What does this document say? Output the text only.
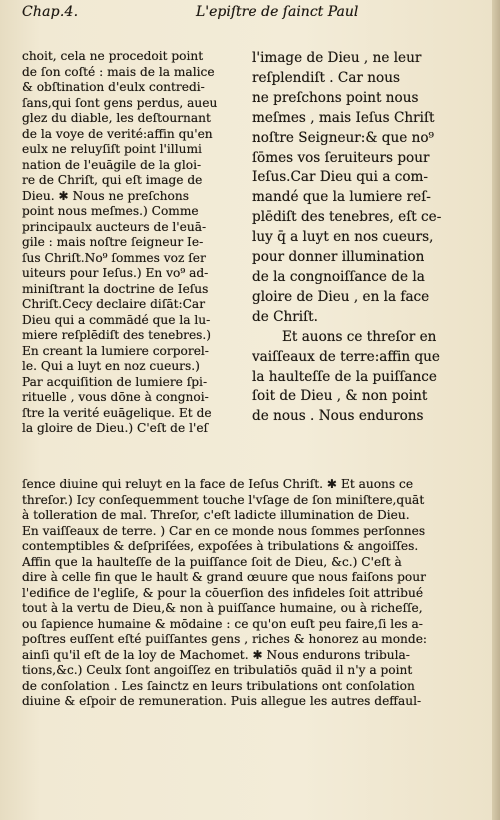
Chap.4.	L'epiſtre de ſainct Paul
choit, cela ne procedoit point
de ſon coſté : mais de la malice
& obſtination d'eulx contredi-
ſans,qui ſont gens perdus, aueu
glez du diable, les deſtournant
de la voye de verité:affin qu'en
eulx ne reluyſiſt point l'illumi
nation de l'euāgile de la gloi-
re de Chriſt, qui eſt image de
Dieu. ✱ Nous ne preſchons
point nous meſmes.) Comme
principaulx aucteurs de l'euā-
gile : mais noſtre ſeigneur Ie-
ſus Chriſt.No⁹ ſommes voz ſer
uiteurs pour Ieſus.) En vo⁹ ad-
miniſtrant la doctrine de Ieſus
Chriſt.Cecy declaire diſāt:Car
Dieu qui a commādé que la lu-
miere reſplēdiſt des tenebres.)
En creant la lumiere corporel-
le. Qui a luyt en noz cueurs.)
Par acquiſition de lumiere ſpi-
rituelle , vous dōne à congnoi-
ſtre la verité euāgelique. Et de
la gloire de Dieu.) C'eſt de l'eſ
l'image de Dieu , ne leur
reſplendiſt . Car nous
ne preſchons point nous
meſmes , mais Ieſus Chriſt
noſtre Seigneur:& que no⁹
ſōmes vos ſeruiteurs pour
Ieſus.Car Dieu qui a com-
mandé que la lumiere reſ-
plēdiſt des tenebres, eſt ce-
luy q̄ a luyt en nos cueurs,
pour donner illumination
de la congnoiſſance de la
gloire de Dieu , en la face
de Chriſt.
Et auons ce threſor en
vaiſſeaux de terre:affin que
la haulteſſe de la puiſſance
ſoit de Dieu , & non point
de nous . Nous endurons
ſence diuine qui reluyt en la face de Ieſus Chriſt. ✱ Et auons ce
threſor.) Icy conſequemment touche l'vſage de ſon miniſtere,quāt
à tolleration de mal. Threſor, c'eſt ladicte illumination de Dieu.
En vaiſſeaux de terre. ) Car en ce monde nous ſommes perſonnes
contemptibles & deſpriſées, expoſées à tribulations & angoiſſes.
Affin que la haulteſſe de la puiſſance ſoit de Dieu, &c.) C'eſt à
dire à celle fin que le hault & grand œuure que nous faiſons pour
l'edifice de l'egliſe, & pour la cōuerſion des infideles ſoit attribué
tout à la vertu de Dieu,& non à puiſſance humaine, ou à richeſſe,
ou ſapience humaine & mōdaine : ce qu'on euſt peu faire,ſi les a-
poſtres euſſent eſté puiſſantes gens , riches & honorez au monde:
ainſi qu'il eſt de la loy de Machomet. ✱ Nous endurons tribula-
tions,&c.) Ceulx ſont angoiſſez en tribulatiōs quād il n'y a point
de conſolation . Les ſainctz en leurs tribulations ont conſolation
diuine & eſpoir de remuneration. Puis allegue les autres deffaul-
